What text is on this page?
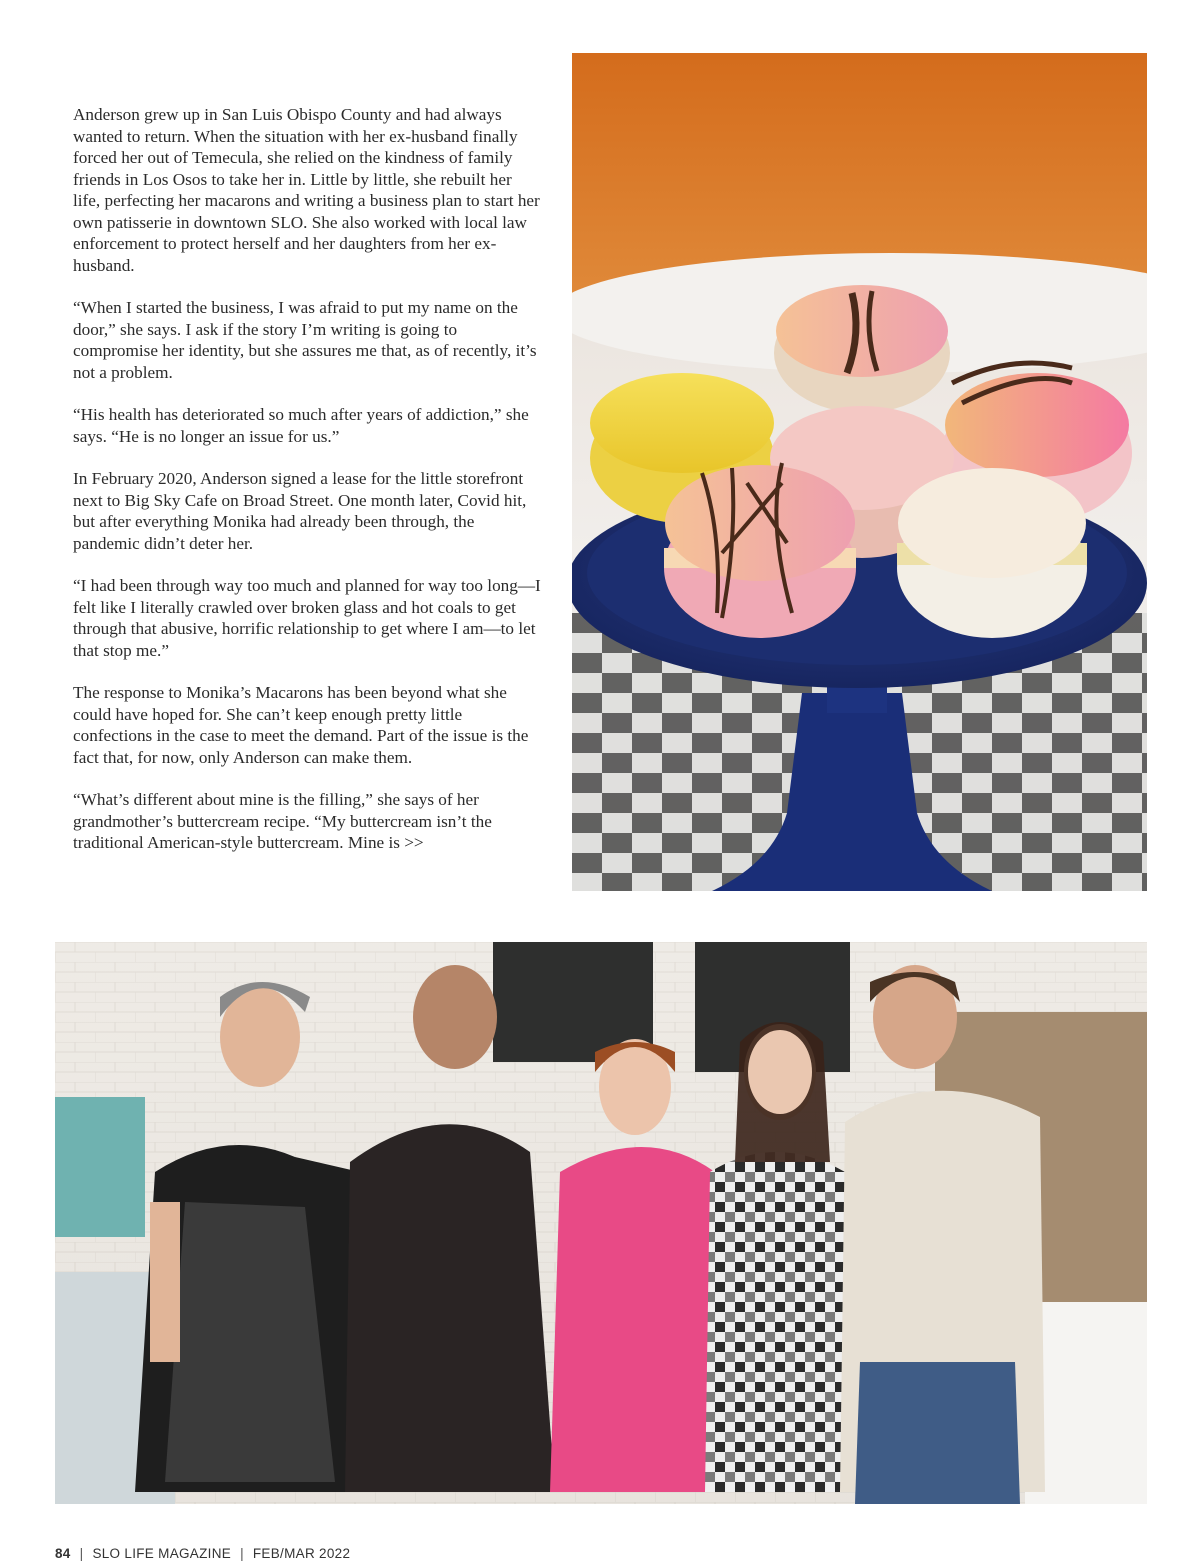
Anderson grew up in San Luis Obispo County and had always wanted to return. When the situation with her ex-husband finally forced her out of Temecula, she relied on the kindness of family friends in Los Osos to take her in. Little by little, she rebuilt her life, perfecting her macarons and writing a business plan to start her own patisserie in downtown SLO. She also worked with local law enforcement to protect herself and her daughters from her ex-husband.

“When I started the business, I was afraid to put my name on the door,” she says. I ask if the story I’m writing is going to compromise her identity, but she assures me that, as of recently, it’s not a problem.

“His health has deteriorated so much after years of addiction,” she says. “He is no longer an issue for us.”

In February 2020, Anderson signed a lease for the little storefront next to Big Sky Cafe on Broad Street. One month later, Covid hit, but after everything Monika had already been through, the pandemic didn’t deter her.

“I had been through way too much and planned for way too long—I felt like I literally crawled over broken glass and hot coals to get through that abusive, horrific relationship to get where I am—to let that stop me.”

The response to Monika’s Macarons has been beyond what she could have hoped for. She can’t keep enough pretty little confections in the case to meet the demand. Part of the issue is the fact that, for now, only Anderson can make them.

“What’s different about mine is the filling,” she says of her grandmother’s buttercream recipe. “My buttercream isn’t the traditional American-style buttercream. Mine is >>

84 | SLO LIFE MAGAZINE | FEB/MAR 2022
